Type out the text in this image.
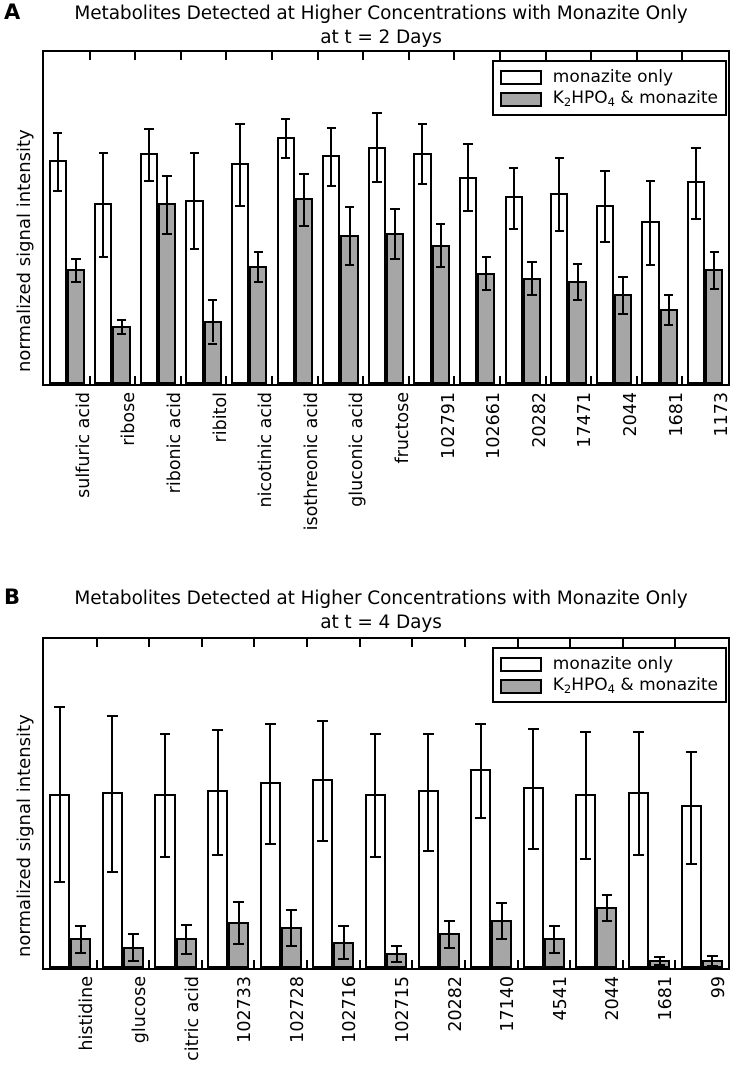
A	Metabolites Detected at Higher Concentrations with Monazite Only
at t = 2 Days
normalized signal intensity
monazite only
$K_2HPO_4$ & monazite
sulfuric acid ribose ribonic acid ribitol nicotinic acid isothreonic acid gluconic acid fructose 102791 102661 20282 17471 2044 1681 1173
B	Metabolites Detected at Higher Concentrations with Monazite Only
at t = 4 Days
normalized signal intensity
monazite only
$K_2HPO_4$ & monazite
histidine glucose citric acid 102733 102728 102716 102715 20282 17140 4541 2044 1681 99
